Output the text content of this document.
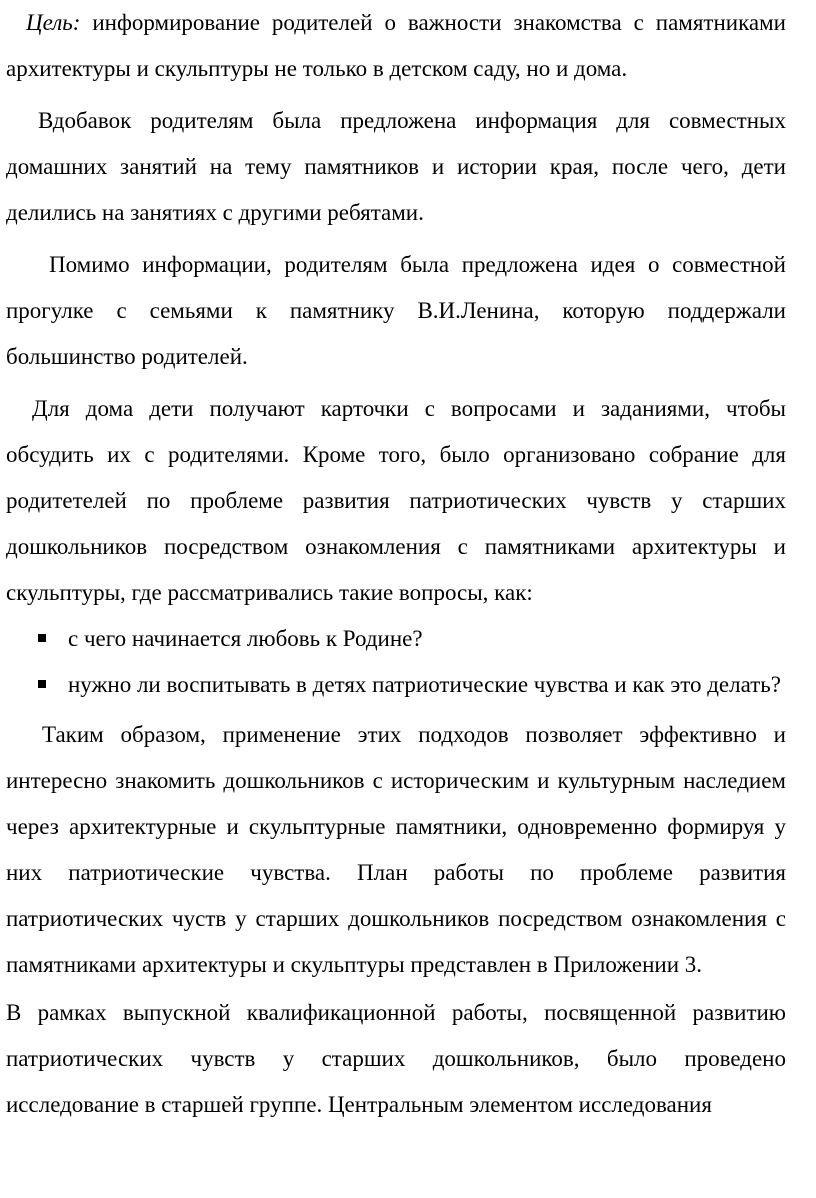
Цель: информирование родителей о важности знакомства с памятниками архитектуры и скульптуры не только в детском саду, но и дома.

Вдобавок родителям была предложена информация для совместных домашних занятий на тему памятников и истории края, после чего, дети делились на занятиях с другими ребятами.

Помимо информации, родителям была предложена идея о совместной прогулке с семьями к памятнику В.И.Ленина, которую поддержали большинство родителей.

Для дома дети получают карточки с вопросами и заданиями, чтобы обсудить их с родителями. Кроме того, было организовано собрание для родитетелей по проблеме развития патриотических чувств у старших дошкольников посредством ознакомления с памятниками архитектуры и скульптуры, где рассматривались такие вопросы, как:

с чего начинается любовь к Родине?
нужно ли воспитывать в детях патриотические чувства и как это делать?

Таким образом, применение этих подходов позволяет эффективно и интересно знакомить дошкольников с историческим и культурным наследием через архитектурные и скульптурные памятники, одновременно формируя у них патриотические чувства. План работы по проблеме развития патриотических чуств у старших дошкольников посредством ознакомления с памятниками архитектуры и скульптуры представлен в Приложении 3.

В рамках выпускной квалификационной работы, посвященной развитию патриотических чувств у старших дошкольников, было проведено исследование в старшей группе. Центральным элементом исследования
